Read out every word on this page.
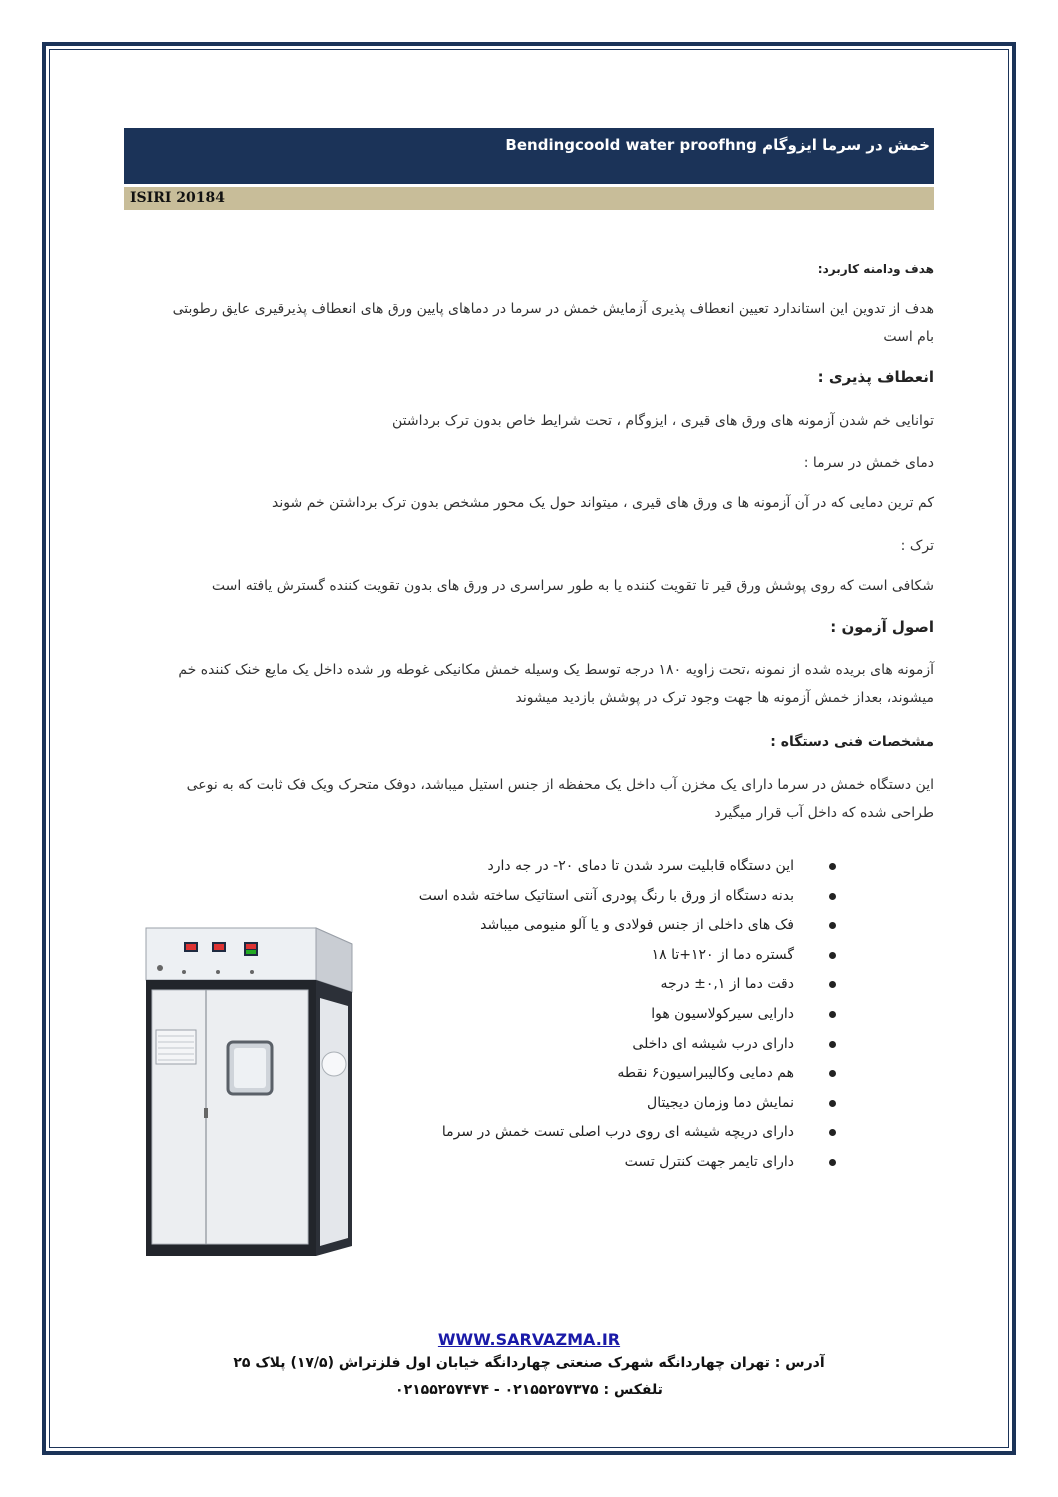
خمش در سرما ایزوگام Bendingcoold water proofhng
ISIRI 20184
هدف ودامنه کاربرد:
هدف از تدوین این استاندارد تعیین انعطاف پذیری آزمایش خمش در سرما در دماهای پایین ورق های انعطاف پذیرقیری عایق رطوبتی
بام است
انعطاف پذیری :
توانایی خم شدن آزمونه های ورق های قیری ، ایزوگام ، تحت شرایط خاص بدون ترک برداشتن
دمای خمش در سرما :
کم ترین دمایی که در آن آزمونه ها ی ورق های قیری ، میتواند حول یک محور مشخص بدون ترک برداشتن خم شوند
ترک :
شکافی است که روی پوشش ورق قیر تا تقویت کننده یا به طور سراسری در ورق های بدون تقویت کننده گسترش یافته است
اصول آزمون :
آزمونه های بریده شده از نمونه ،تحت زاویه ۱۸۰ درجه توسط یک وسیله خمش مکانیکی غوطه ور شده داخل یک مایع خنک کننده خم
میشوند، بعداز خمش آزمونه ها جهت وجود ترک در پوشش بازدید میشوند
مشخصات فنی دستگاه :
این دستگاه خمش در سرما دارای یک مخزن آب داخل یک محفظه از جنس استیل میباشد، دوفک متحرک ویک فک ثابت که به نوعی
طراحی شده که داخل آب قرار میگیرد
این دستگاه قابلیت سرد شدن تا دمای ۲۰- در جه دارد
بدنه دستگاه از ورق با رنگ پودری آنتی استاتیک ساخته شده است
فک های داخلی از جنس فولادی و یا آلو منیومی میباشد
گستره دما از ۱۲۰+تا ۱۸
دقت دما از ۰,۱± درجه
دارایی سیرکولاسیون هوا
دارای درب شیشه ای داخلی
هم دمایی وکالیبراسیون۶ نقطه
نمایش دما وزمان دیجیتال
دارای دریچه شیشه ای روی درب اصلی تست خمش در سرما
دارای تایمر جهت کنترل تست
WWW.SARVAZMA.IR
آدرس : تهران چهاردانگه شهرک صنعتی چهاردانگه خیابان اول فلزتراش (۱۷/۵) پلاک ۲۵
تلفکس : ۰۲۱۵۵۲۵۷۳۷۵ - ۰۲۱۵۵۲۵۷۴۷۴
